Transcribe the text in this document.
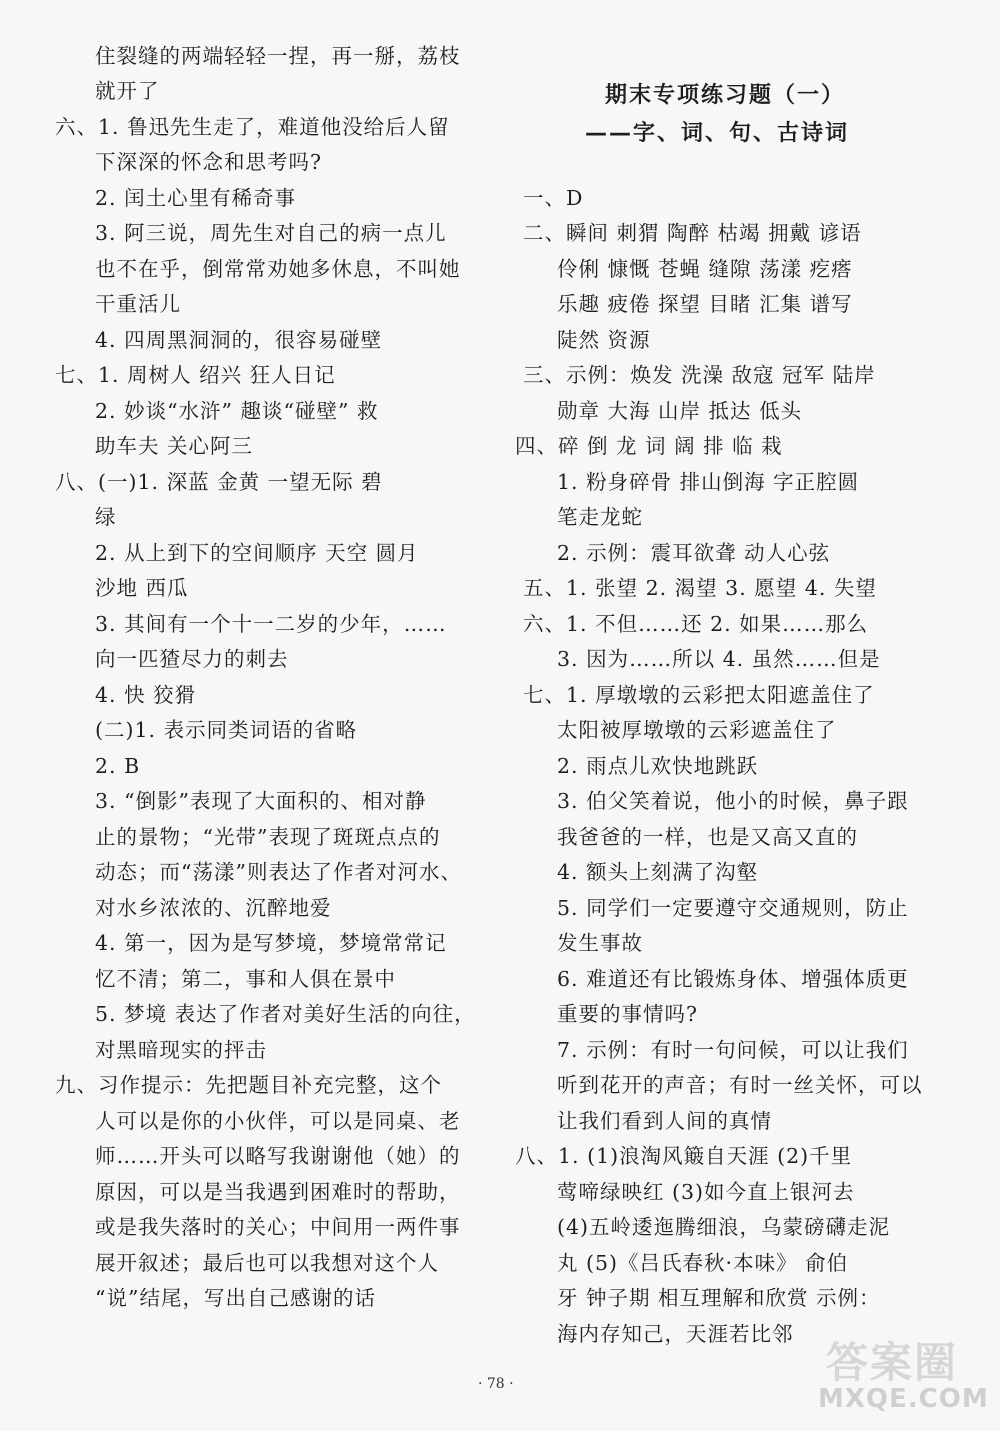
住裂缝的两端轻轻一捏，再一掰，荔枝
就开了
六、1. 鲁迅先生走了，难道他没给后人留
下深深的怀念和思考吗?
2. 闰土心里有稀奇事
3. 阿三说，周先生对自己的病一点儿
也不在乎，倒常常劝她多休息，不叫她
干重活儿
4. 四周黑洞洞的，很容易碰壁
七、1. 周树人 绍兴 狂人日记
2. 妙谈“水浒” 趣谈“碰壁” 救
助车夫 关心阿三
八、(一)1. 深蓝 金黄 一望无际 碧
绿
2. 从上到下的空间顺序 天空 圆月
沙地 西瓜
3. 其间有一个十一二岁的少年，……
向一匹猹尽力的刺去
4. 快 狡猾
(二)1. 表示同类词语的省略
2. B
3. “倒影”表现了大面积的、相对静
止的景物；“光带”表现了斑斑点点的
动态；而“荡漾”则表达了作者对河水、
对水乡浓浓的、沉醉地爱
4. 第一，因为是写梦境，梦境常常记
忆不清；第二，事和人俱在景中
5. 梦境 表达了作者对美好生活的向往，
对黑暗现实的抨击
九、习作提示：先把题目补充完整，这个
人可以是你的小伙伴，可以是同桌、老
师……开头可以略写我谢谢他（她）的
原因，可以是当我遇到困难时的帮助，
或是我失落时的关心；中间用一两件事
展开叙述；最后也可以我想对这个人
“说”结尾，写出自己感谢的话
期末专项练习题（一）
——字、词、句、古诗词
一、D
二、瞬间 刺猬 陶醉 枯竭 拥戴 谚语
伶俐 慷慨 苍蝇 缝隙 荡漾 疙瘩
乐趣 疲倦 探望 目睹 汇集 谱写
陡然 资源
三、示例：焕发 洗澡 敌寇 冠军 陆岸
勋章 大海 山岸 抵达 低头
四、碎 倒 龙 词 阔 排 临 栽
1. 粉身碎骨 排山倒海 字正腔圆
笔走龙蛇
2. 示例：震耳欲聋 动人心弦
五、1. 张望 2. 渴望 3. 愿望 4. 失望
六、1. 不但……还 2. 如果……那么
3. 因为……所以 4. 虽然……但是
七、1. 厚墩墩的云彩把太阳遮盖住了
太阳被厚墩墩的云彩遮盖住了
2. 雨点儿欢快地跳跃
3. 伯父笑着说，他小的时候，鼻子跟
我爸爸的一样，也是又高又直的
4. 额头上刻满了沟壑
5. 同学们一定要遵守交通规则，防止
发生事故
6. 难道还有比锻炼身体、增强体质更
重要的事情吗?
7. 示例：有时一句问候，可以让我们
听到花开的声音；有时一丝关怀，可以
让我们看到人间的真情
八、1. (1)浪淘风簸自天涯 (2)千里
莺啼绿映红 (3)如今直上银河去
(4)五岭逶迤腾细浪，乌蒙磅礴走泥
丸 (5)《吕氏春秋·本味》 俞伯
牙 钟子期 相互理解和欣赏 示例：
海内存知己，天涯若比邻
· 78 ·	答案圈
MXQE.COM
